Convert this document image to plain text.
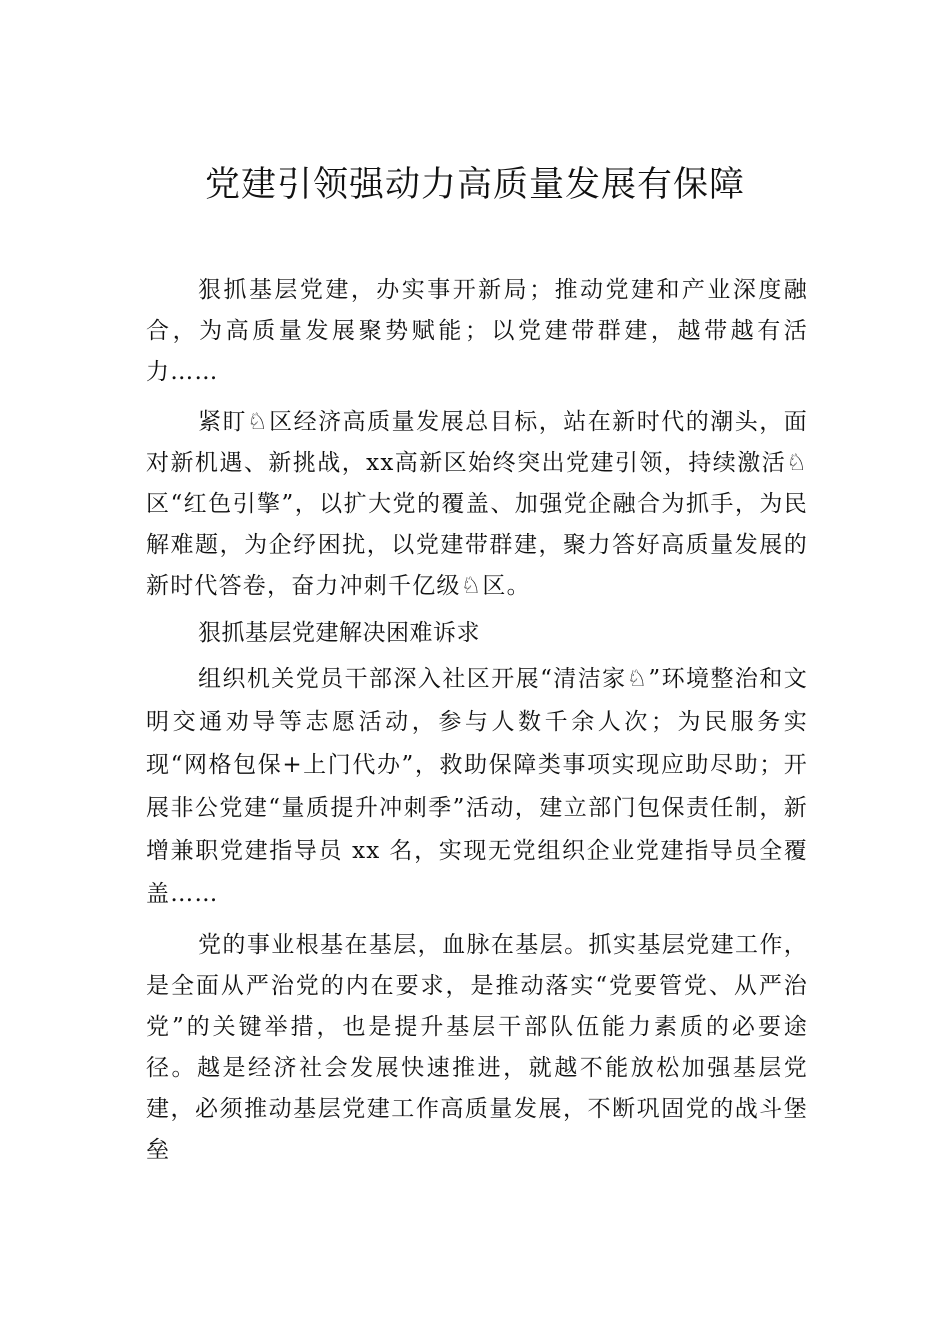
党建引领强动力高质量发展有保障

狠抓基层党建，办实事开新局；推动党建和产业深度融合，为高质量发展聚势赋能；以党建带群建，越带越有活力……

紧盯♘区经济高质量发展总目标，站在新时代的潮头，面对新机遇、新挑战，xx高新区始终突出党建引领，持续激活♘区“红色引擎”，以扩大党的覆盖、加强党企融合为抓手，为民解难题，为企纾困扰，以党建带群建，聚力答好高质量发展的新时代答卷，奋力冲刺千亿级♘区。

狠抓基层党建解决困难诉求

组织机关党员干部深入社区开展“清洁家♘”环境整治和文明交通劝导等志愿活动，参与人数千余人次；为民服务实现“网格包保+上门代办”，救助保障类事项实现应助尽助；开展非公党建“量质提升冲刺季”活动，建立部门包保责任制，新增兼职党建指导员 xx 名，实现无党组织企业党建指导员全覆盖……

党的事业根基在基层，血脉在基层。抓实基层党建工作，是全面从严治党的内在要求，是推动落实“党要管党、从严治党”的关键举措，也是提升基层干部队伍能力素质的必要途径。越是经济社会发展快速推进，就越不能放松加强基层党建，必须推动基层党建工作高质量发展，不断巩固党的战斗堡垒
